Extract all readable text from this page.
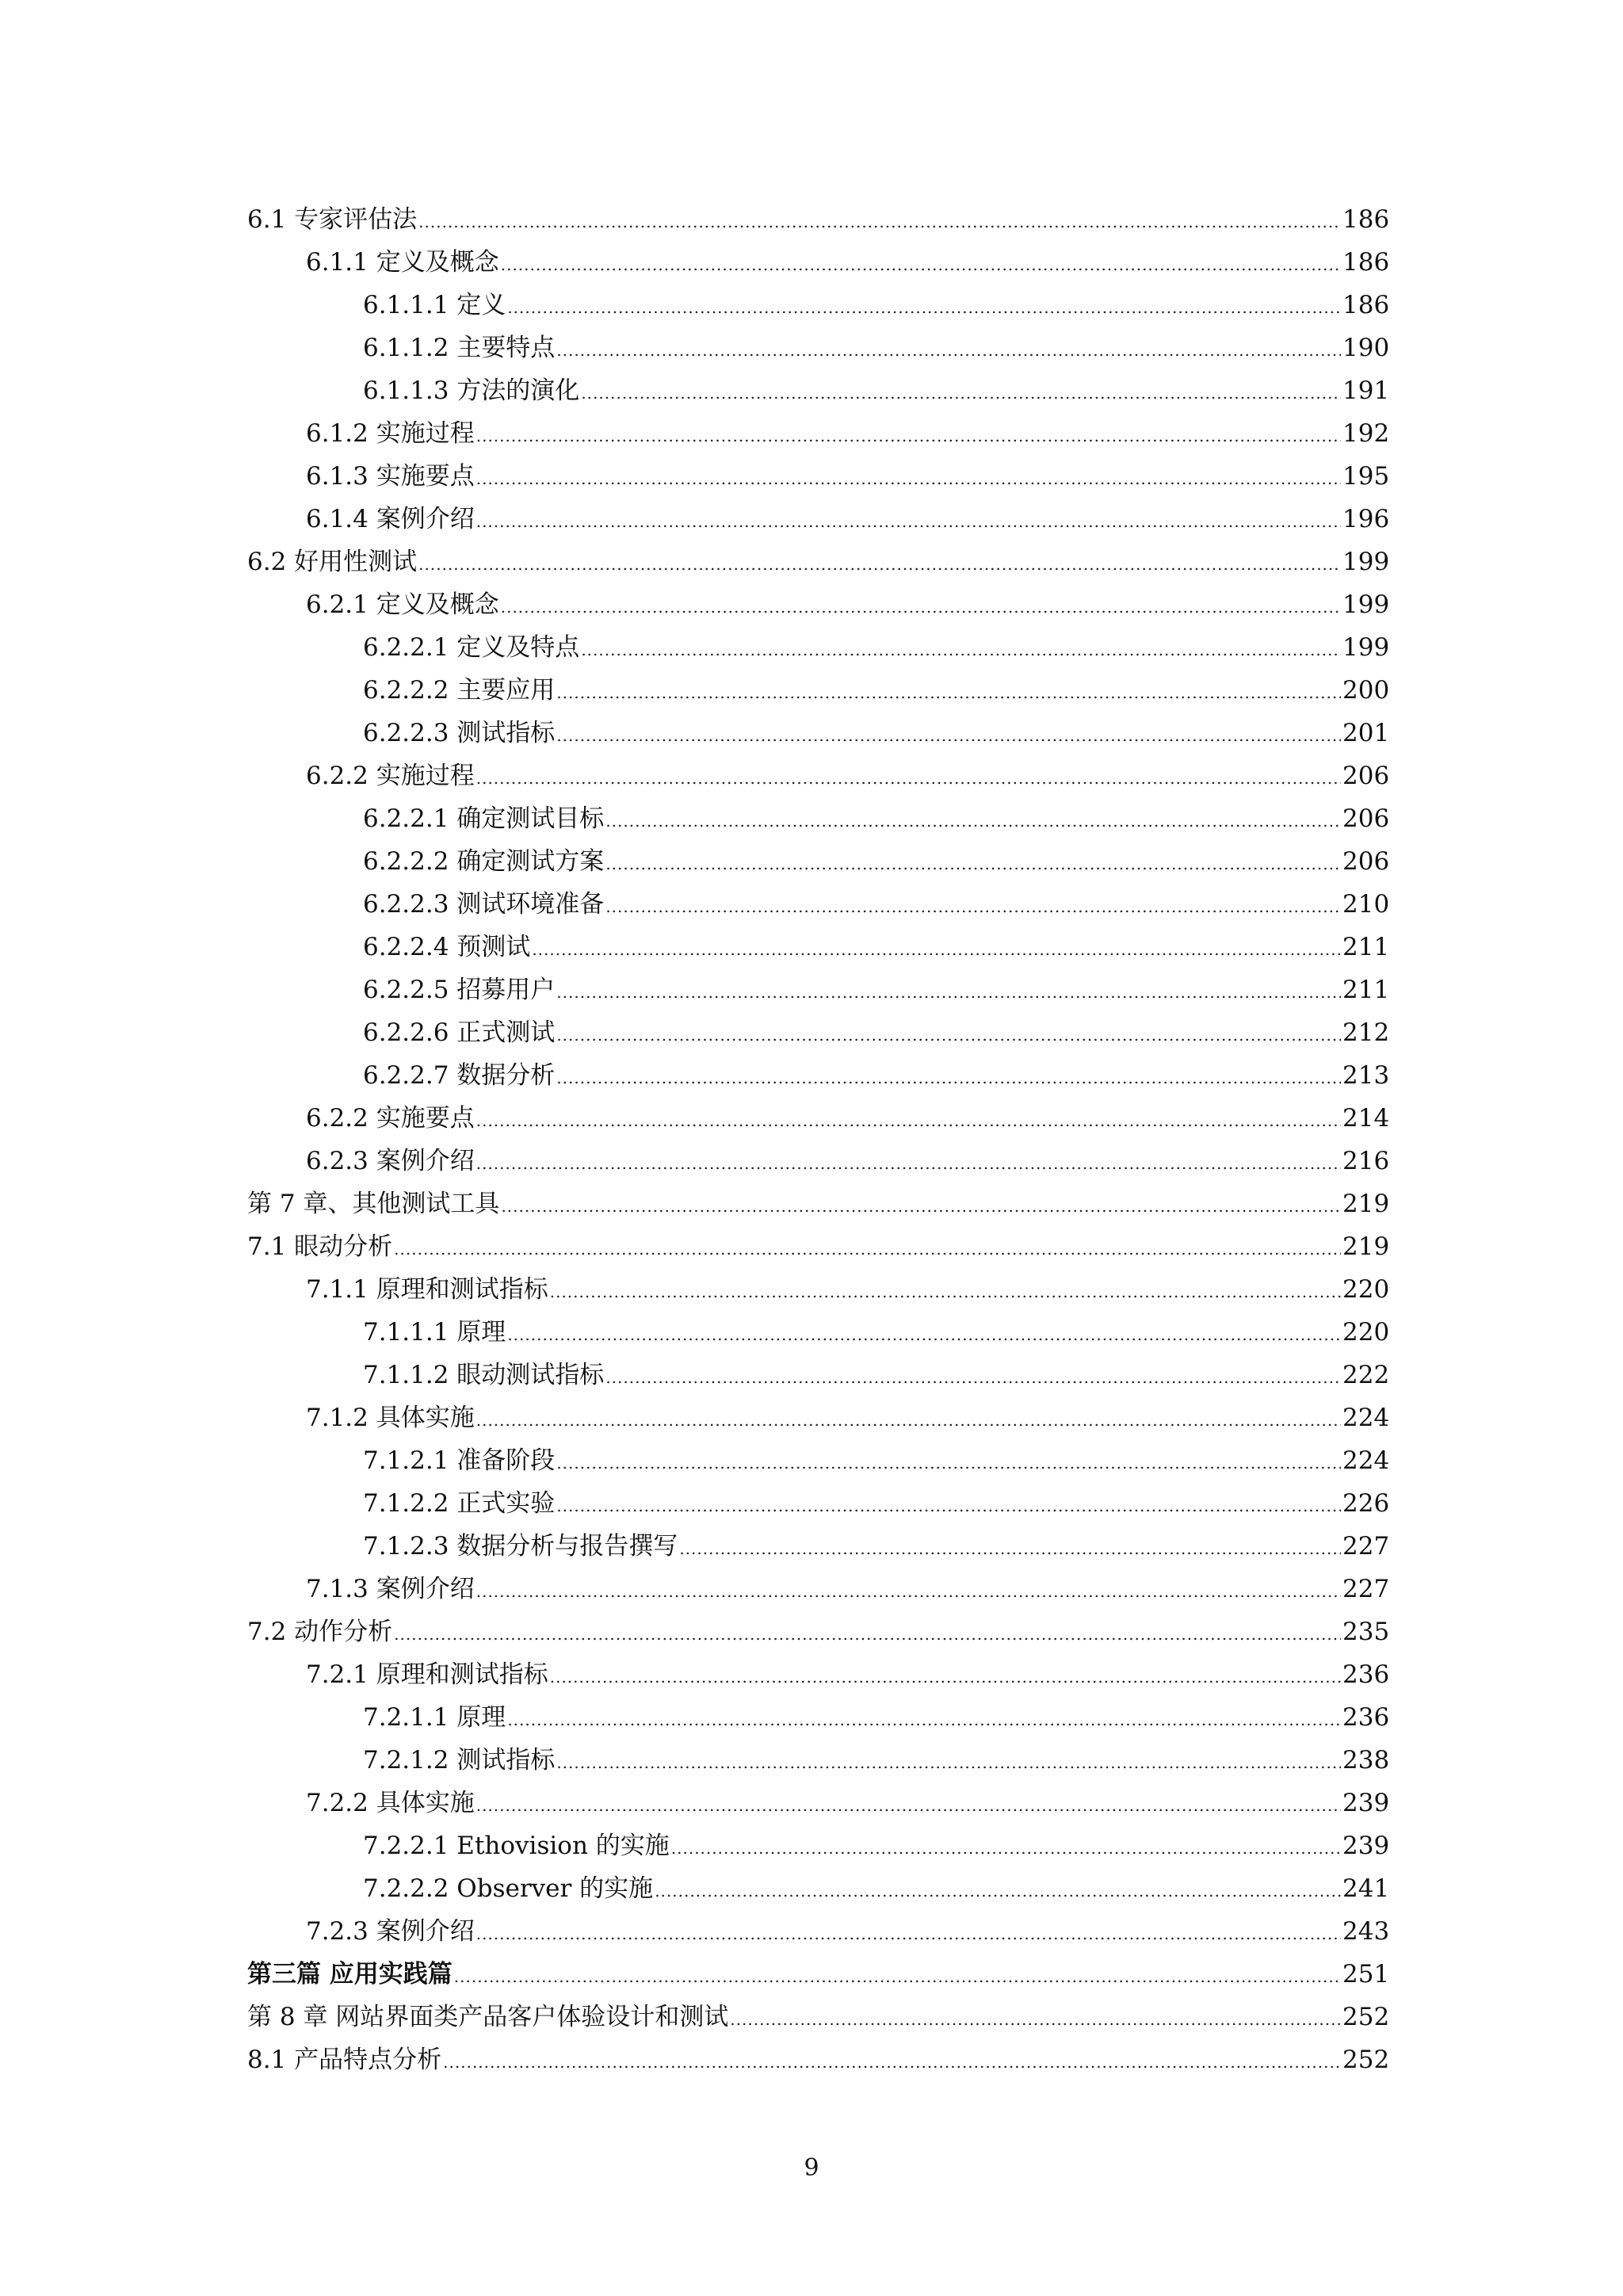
6.1 专家评估法 .....	186
6.1.1 定义及概念 .....	186
6.1.1.1 定义 .....	186
6.1.1.2 主要特点 .....	190
6.1.1.3 方法的演化 .....	191
6.1.2 实施过程 .....	192
6.1.3 实施要点 .....	195
6.1.4 案例介绍 .....	196
6.2 好用性测试 .....	199
6.2.1 定义及概念 .....	199
6.2.2.1 定义及特点 .....	199
6.2.2.2 主要应用 .....	200
6.2.2.3 测试指标 .....	201
6.2.2 实施过程 .....	206
6.2.2.1 确定测试目标 .....	206
6.2.2.2 确定测试方案 .....	206
6.2.2.3 测试环境准备 .....	210
6.2.2.4 预测试 .....	211
6.2.2.5 招募用户 .....	211
6.2.2.6 正式测试 .....	212
6.2.2.7 数据分析 .....	213
6.2.2 实施要点 .....	214
6.2.3 案例介绍 .....	216
第 7 章、其他测试工具 .....	219
7.1 眼动分析 .....	219
7.1.1 原理和测试指标 .....	220
7.1.1.1 原理 .....	220
7.1.1.2 眼动测试指标 .....	222
7.1.2 具体实施 .....	224
7.1.2.1 准备阶段 .....	224
7.1.2.2 正式实验 .....	226
7.1.2.3 数据分析与报告撰写 .....	227
7.1.3 案例介绍 .....	227
7.2 动作分析 .....	235
7.2.1 原理和测试指标 .....	236
7.2.1.1 原理 .....	236
7.2.1.2 测试指标 .....	238
7.2.2 具体实施 .....	239
7.2.2.1 Ethovision 的实施 .....	239
7.2.2.2 Observer 的实施 .....	241
7.2.3 案例介绍 .....	243
第三篇 应用实践篇 .....	251
第 8 章 网站界面类产品客户体验设计和测试 .....	252
8.1 产品特点分析 .....	252
9
